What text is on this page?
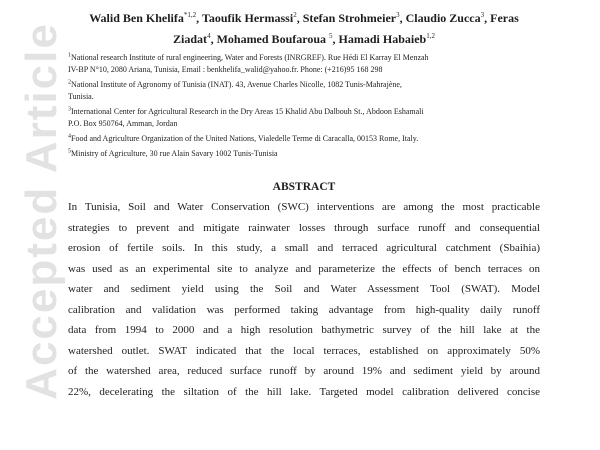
Accepted Article
Walid Ben Khelifa$^{*1,2}$, Taoufik Hermassi$^2$, Stefan Strohmeier$^3$, Claudio Zucca$^3$, Feras
Ziadat$^4$, Mohamed Boufaroua $^5$, Hamadi Habaieb$^{1,2}$
$^1$National research Institute of rural engineering, Water and Forests (INRGREF). Rue Hédi El Karray El Menzah
IV-BP N°10, 2080 Ariana, Tunisia, Email : benkhelifa_walid@yahoo.fr. Phone: (+216)95 168 298
$^2$National Institute of Agronomy of Tunisia (INAT). 43, Avenue Charles Nicolle, 1082 Tunis-Mahrajène,
Tunisia.
$^3$International Center for Agricultural Research in the Dry Areas 15 Khalid Abu Dalbouh St., Abdoon Eshamali
P.O. Box 950764, Amman, Jordan
$^4$Food and Agriculture Organization of the United Nations, Vialedelle Terme di Caracalla, 00153 Rome, Italy.
$^5$Ministry of Agriculture, 30 rue Alain Savary 1002 Tunis-Tunisia
ABSTRACT
In Tunisia, Soil and Water Conservation (SWC) interventions are among the most practicable
strategies to prevent and mitigate rainwater losses through surface runoff and consequential
erosion of fertile soils. In this study, a small and terraced agricultural catchment (Sbaihia)
was used as an experimental site to analyze and parameterize the effects of bench terraces on
water and sediment yield using the Soil and Water Assessment Tool (SWAT). Model
calibration and validation was performed taking advantage from high-quality daily runoff
data from 1994 to 2000 and a high resolution bathymetric survey of the hill lake at the
watershed outlet. SWAT indicated that the local terraces, established on approximately 50%
of the watershed area, reduced surface runoff by around 19% and sediment yield by around
22%, decelerating the siltation of the hill lake. Targeted model calibration delivered concise
